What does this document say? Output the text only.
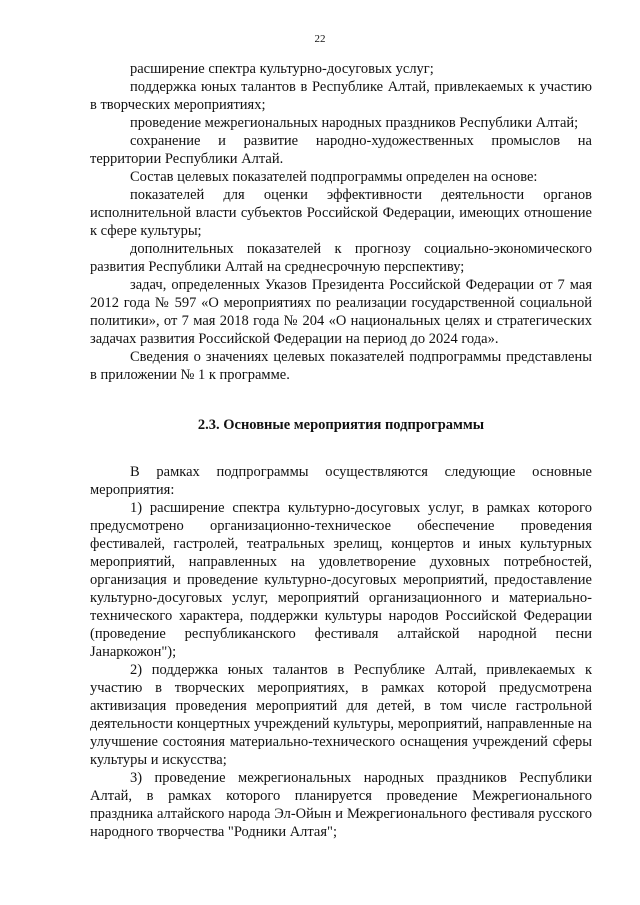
22

расширение спектра культурно-досуговых услуг;

поддержка юных талантов в Республике Алтай, привлекаемых к участию в творческих мероприятиях;

проведение межрегиональных народных праздников Республики Алтай;

сохранение и развитие народно-художественных промыслов на территории Республики Алтай.

Состав целевых показателей подпрограммы определен на основе:

показателей для оценки эффективности деятельности органов исполнительной власти субъектов Российской Федерации, имеющих отношение к сфере культуры;

дополнительных показателей к прогнозу социально-экономического развития Республики Алтай на среднесрочную перспективу;

задач, определенных Указов Президента Российской Федерации от 7 мая 2012 года № 597 «О мероприятиях по реализации государственной социальной политики», от 7 мая 2018 года № 204 «О национальных целях и стратегических задачах развития Российской Федерации на период до 2024 года».

Сведения о значениях целевых показателей подпрограммы представлены в приложении № 1 к программе.

2.3. Основные мероприятия подпрограммы

В рамках подпрограммы осуществляются следующие основные мероприятия:

1) расширение спектра культурно-досуговых услуг, в рамках которого предусмотрено организационно-техническое обеспечение проведения фестивалей, гастролей, театральных зрелищ, концертов и иных культурных мероприятий, направленных на удовлетворение духовных потребностей, организация и проведение культурно-досуговых мероприятий, предоставление культурно-досуговых услуг, мероприятий организационного и материально-технического характера, поддержки культуры народов Российской Федерации (проведение республиканского фестиваля алтайской народной песни Јанаркожон");

2) поддержка юных талантов в Республике Алтай, привлекаемых к участию в творческих мероприятиях, в рамках которой предусмотрена активизация проведения мероприятий для детей, в том числе гастрольной деятельности концертных учреждений культуры, мероприятий, направленные на улучшение состояния материально-технического оснащения учреждений сферы культуры и искусства;

3) проведение межрегиональных народных праздников Республики Алтай, в рамках которого планируется проведение Межрегионального праздника алтайского народа Эл-Ойын и Межрегионального фестиваля русского народного творчества "Родники Алтая";
